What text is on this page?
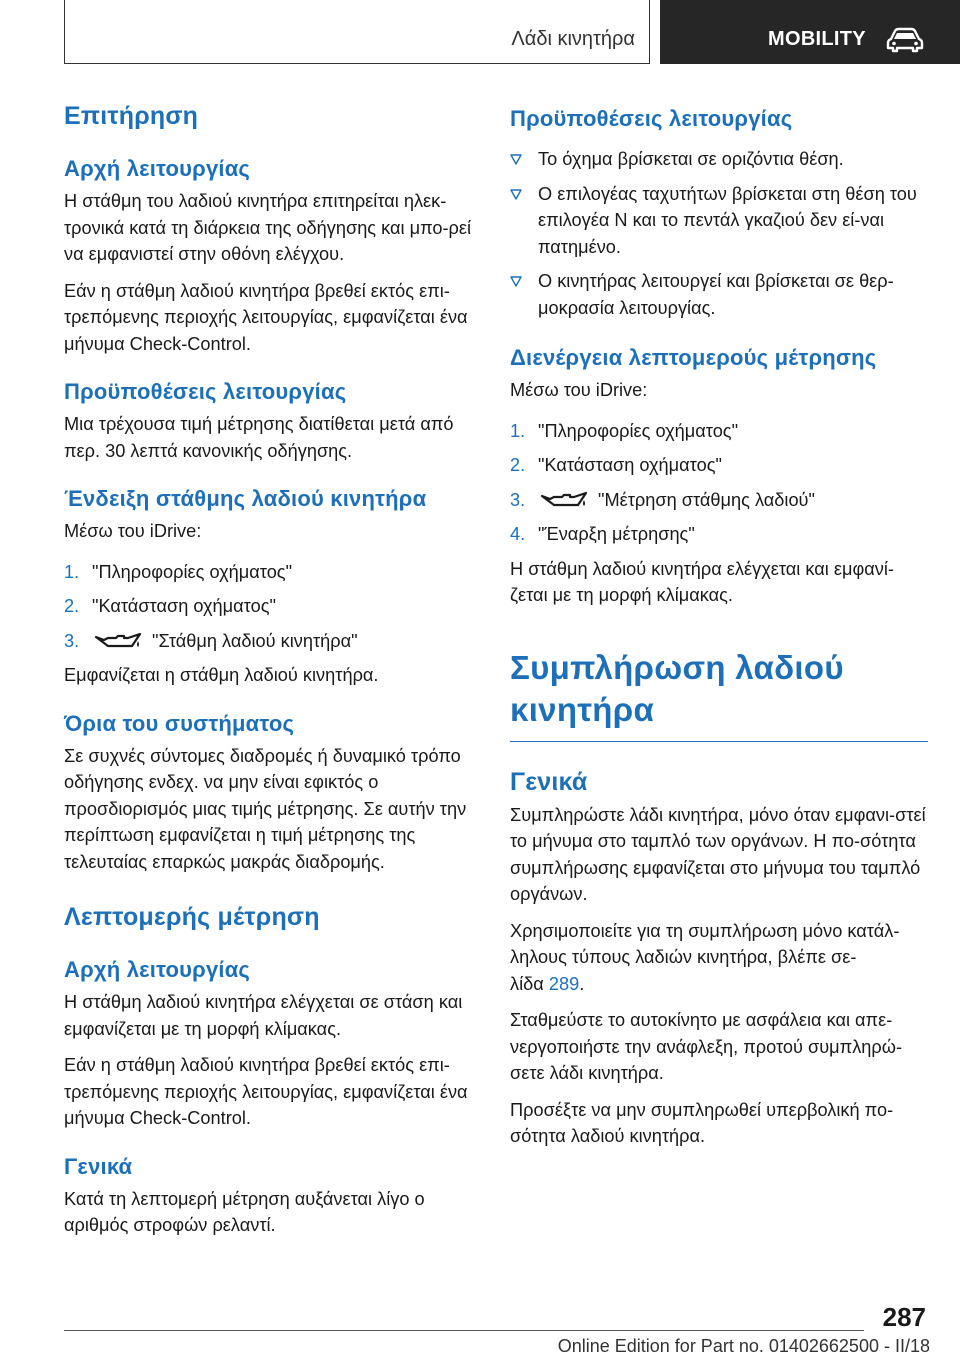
Λάδι κινητήρα	MOBILITY
Επιτήρηση
Αρχή λειτουργίας

Η στάθμη του λαδιού κινητήρα επιτηρείται ηλεκ-τρονικά κατά τη διάρκεια της οδήγησης και μπο-ρεί να εμφανιστεί στην οθόνη ελέγχου.

Εάν η στάθμη λαδιού κινητήρα βρεθεί εκτός επι-τρεπόμενης περιοχής λειτουργίας, εμφανίζεται ένα μήνυμα Check-Control.

Προϋποθέσεις λειτουργίας

Μια τρέχουσα τιμή μέτρησης διατίθεται μετά από περ. 30 λεπτά κανονικής οδήγησης.

Ένδειξη στάθμης λαδιού κινητήρα

Μέσω του iDrive:

1. "Πληροφορίες οχήματος"
2. "Κατάσταση οχήματος"
3.	"Στάθμη λαδιού κινητήρα"

Εμφανίζεται η στάθμη λαδιού κινητήρα.

Όρια του συστήματος

Σε συχνές σύντομες διαδρομές ή δυναμικό τρόπο οδήγησης ενδεχ. να μην είναι εφικτός ο προσδιορισμός μιας τιμής μέτρησης. Σε αυτήν την περίπτωση εμφανίζεται η τιμή μέτρησης της τελευταίας επαρκώς μακράς διαδρομής.

Λεπτομερής μέτρηση
Αρχή λειτουργίας

Η στάθμη λαδιού κινητήρα ελέγχεται σε στάση και εμφανίζεται με τη μορφή κλίμακας.

Εάν η στάθμη λαδιού κινητήρα βρεθεί εκτός επι-τρεπόμενης περιοχής λειτουργίας, εμφανίζεται ένα μήνυμα Check-Control.

Γενικά

Κατά τη λεπτομερή μέτρηση αυξάνεται λίγο ο αριθμός στροφών ρελαντί.

Προϋποθέσεις λειτουργίας
Το όχημα βρίσκεται σε οριζόντια θέση.
Ο επιλογέας ταχυτήτων βρίσκεται στη θέση του επιλογέα N και το πεντάλ γκαζιού δεν εί-ναι πατημένο.
Ο κινητήρας λειτουργεί και βρίσκεται σε θερ-μοκρασία λειτουργίας.
Διενέργεια λεπτομερούς μέτρησης

Μέσω του iDrive:

1. "Πληροφορίες οχήματος"
2. "Κατάσταση οχήματος"
3.	"Μέτρηση στάθμης λαδιού"
4. "Έναρξη μέτρησης"

Η στάθμη λαδιού κινητήρα ελέγχεται και εμφανί-ζεται με τη μορφή κλίμακας.

Συμπλήρωση λαδιού κινητήρα
Γενικά

Συμπληρώστε λάδι κινητήρα, μόνο όταν εμφανι-στεί το μήνυμα στο ταμπλό των οργάνων. Η πο-σότητα συμπλήρωσης εμφανίζεται στο μήνυμα του ταμπλό οργάνων.

Χρησιμοποιείτε για τη συμπλήρωση μόνο κατάλ-ληλους τύπους λαδιών κινητήρα, βλέπε σε-λίδα 289.

Σταθμεύστε το αυτοκίνητο με ασφάλεια και απε-νεργοποιήστε την ανάφλεξη, προτού συμπληρώ-σετε λάδι κινητήρα.

Προσέξτε να μην συμπληρωθεί υπερβολική πο-σότητα λαδιού κινητήρα.

287
Online Edition for Part no. 01402662500 - II/18
